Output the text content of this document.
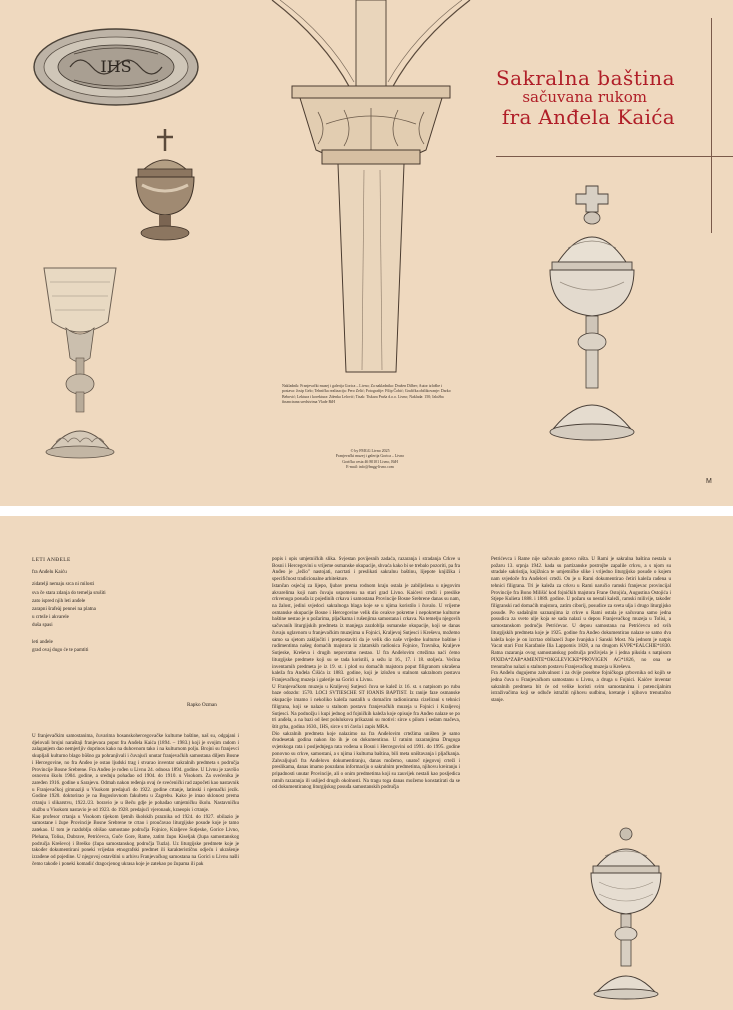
IHS	Sakralna baština
sačuvana rukom
fra Anđela Kaića
Nakladnik: Franjevački muzej i galerija Gorica – Livno; Za nakladnika: Dražen Dilber; Autor izložbe i postava: Josip Gelo; Tehnička realizacija: Pero Zelić; Fotografije: Filip Čobić; Grafička obilikovanje: Darko Bebović; Lektura i korektura: Zdenka Lelović; Tisak: Tiskara Pruša d.o.o. Livno; Naklada: 150; Izložba financirana sredstvima Vlade BiH
© by FMGG Livno 2025
Franjevački muzej i galerija Gorica – Livno
Gorička cesta 46 80101 Livno, BiH
E-mail: info@fmgg-livno.com
M
LETI ANĐELE
fra Anđelu Kaiću
zidatelji nemaju srca ni milosti
sva če stara zdanja do temelja srušiti
zato ispred njih leti anđele
zarapni šrafeàj pennei na platna
u crteže i akvarele
duša spasi
leti anđele
grad ovaj dugo će te pamtiti
Rapko Ozman

U franjevačkim samostanima, čuvarima bosanskohercegovačke kulturne baštine, naš su, odgajani i djelovali brojni naraštaji franjevaca poput fra Anđela Kaića (1894. – 1983.) koji je svojim radom i zalaganjem dao nemjerljiv doprinos kako na duhovnom tako i na kulturnom polju. Brojni su franjevci skupljali kulturno blago būšno ga pohranjivali i čuvajući unutar franjevačkih samostana diljem Bosne i Hercegovine, no fra Anđeo je ostao ljudski trag i stvarao inventar sakralnih predmeta s područja Provincije Bosne Srebrene. Fra Anđeo je rođen u Livnu 24. odnosa 1894. godine. U Livnu je završio osnovnu školu 1904. godine, a srednju pohađao od 1904. do 1910. u Visokom. Za svećenika je zaređen 1916. godine u Sarajevu. Odmah nakon ređenja ovaj će svećenički rad započeti kao nastavnik u Franjevačkoj gimnaziji u Visokom predajući do 1922. godine crtanje, latinski i njemački jezik. Godine 1920. doktorirao je na Bogoslovnom fakultetu u Zagrebu. Kako je imao sklonost prema crtanju i slikarstvu, 1922./23. boravio je u Beču gdje je pohađao umjetničku školu. Nastavničku službu u Visokom nastavio je od 1923. do 1928. predajući vjeronauk, kraeopis i crtanje.

Kao profesor crtanja u Visokom tijekom ljetnih školskih praznika od 1924. do 1927. obilazio je samostane i župe Provincije Bosne Srebrene te crtao i proučavao liturgijske posude koje je tamo zatekao. U tom je razdoblju obišao samostane područja Fojnice, Kraljeve Sutjeske, Gorice Livno, Plehana, Tolisa, Dubrave, Petrićevca, Guče Gore, Rame, zatim župu Kiseljak (župa samostanskog područja Kreševo) i Breško (župa samostanskog područja Tuzla). Uz liturgijske predmete koje je također dokumentirani poneki vrijedan etnografski predmet ili karakterističnu odjeću i ukrašenje izrađene od pojedine. U njegovoj ostavštini u arhivu Franjevačkog samostana na Gorici u Livnu našli čemo takođe i poneki komadić dragocjenog ukrasa koje je zatekao po župama ili pak

popis i opis umjetničkih slika. Svjestan povijesnih zadaća, razaranja i stradanja Crkve u Bosni i Hercegovini u vrijeme osmanske okupacije, shvaća kako bi se trebalo pozoriti, pa fra Anđeo je „ležio" nastojati, nacrtati i preslikati sakralnu baštinu, lijepote knjižika i specifičnost tradicionalne arhitekture.

Istančan osjećaj za lijepo, ljubav prema rodnom kraju ostala je zabilježena u njegovim akvarelima koji nam čuvaju uspomenu na stari grad Livno. Kaićevi crteži i preslike crkvenoga posuđa iz pojedinih crkava i samostana Provincije Bosne Srebrene danas su nam, na žalost, jedini svjedoci sakralnoga blaga koje se u njima koristilo i čuvalo. U vrijeme osmanske okupacije Bosne i Hercegovine velik dio ovakve pokretne i nepokretne kulturne baštine nestao je u požarima, pljačkama i rušenjima samostana i crkava. Na temelju njegovih sačuvanih liturgijskih predmeta iz manjega zazdoblja osmanske okupacije, koji se danas čuvaju uglavnom u franjevačkim muzejima u Fojnici, Kraljevoj Sutjesci i Kreševu, možemo samo sa sjetom zaključiti i pretpostaviti da je velik dio naše vrijedne kulturne baštine i rudimentima našeg domaćih majstora iz zlatarskih radionica Fojnice, Travnika, Kraljeve Sutjeske, Kreševa i drugih nepovratno nestao. U fra Anđelovim crtežima naći ćemo liturgijske predmete koji su se tada koristili, a sežu iz 16., 17. i 18. stoljeća. Većina inventarnih predmeta je iz 19. st. i plod su domaćih majstora poput filigranom ukrašena kaleža fra Anđela Ćišića iz 1883. godine, koji je izložen u stalnom sakralnom postavu Franjevačkog muzeja i galerije na Gorici u Livnu.

U Franjevačkom muzeju u Kraljevoj Sutjesci čuva se kalež iz 16. st. s natpisom po rubu baze odozdo: 1570. LOCI SVTIESCHE ST IOANIS BAPTIST. Iz ranije faze osmanske okupacije imamo i nekoliko kaleža nastalih u domaćim radionicama cizelirani s tehnici filigrana, koji se nalaze u stalnom postavu franjevačkih muzeja u Fojnici i Kraljevoj Sutjesci. Na podnožju i kupi jednog od fojničkih kaleža koje opisuje fra Anđeo nalaze se po tri anđela, a na bazi od šest polulukova prikazani su motivi: sirce s pilom i sedam mačeva, štit grba, godina 1630., IHS, sirce s tri čavla i zapis MRA.

Dio sakralnih predmeta koje nalazimo na fra Anđelovim crtežima uništen je samo dvadesetak godina nakon što ih je on dokumentirao. U ratnim razaranjima Drugoga svjetskoga rata i posljednjega rata vođena u Bosni i Hercegovini od 1991. do 1995. godine ponovno su crkve, samostani, a s njima i kulturna baština, bili meta uništavanja i pljačkanja. Zahvaljujući fra Anđelovu dokumentiranju, danas možemo, unatoč njegovoj crteži i preslikama, danas imamo pouzdanu informaciju o sakralnim predmetima, njihovu kreiranju i pripadnosti unutar Provincije, ali o onim predmetima koji su zauvijek nestali kao posljedica ratnih razaranja ili uslijed drugih okolnosti. Na tragu toga danas možemo konstatirati da se od dokumentiranog liturgijskog posuđa samostanskih područja

Petrićevca i Rame nije sačuvalo gotovo ništa. U Rami je sakralna baština nestala u požaru 13. srpnja 1942. kada su partizanske postrojbe zapalile crkvu, a s njom su stradale sakristija, knjižnica te umjetničke slike i vrijedno liturgijsko posuđe o kojem nam svjedoče fra Anđelovi crteži. On je u Rami dokumentirao četiri kaleža rađena u tehnici filigrana. Tri je kaleža za crkvu u Rami naručio ramski franjevac provincijal Provincije fra Bono Milišić kod fojničkih majstora Frane Ostojića, Augustina Ostojića i Stjepe Kulieta 1888. i 1889. godine. U požaru su nestali kaleži, ramski milivije, također filigranski rad domaćih majstora, zatim ciborij, posudice za sveta ulja i drugo liturgijsko posuđe. Po sadašnjim saznanjima iz crkve u Rami ostala je sačuvana samo jedna posudica za sveto ulje koja se sada nalazi u depou Franjevačkog muzeja u Tolisi, a samostanskom području Petrićevac. U depou samostana na Petrićevcu od svih liturgijskih predmeta koje je 1925. godine fra Anđeo dokumentirao nalaze se samo dva kaleža koje je on izcrtao obilazeći župe Ivanjska i Sanski Most. Na jednom je natpis Vacat stari Frat Karafanie Ilia Lappomis 1828, a na drugom KVPE*EALCHIE*1830. Ratna razaranja ovog samostanskog područja preživjela je i jedna piksida s natpisom PIXIDA*ZAB*AMENTE*OKGLEVICKE*PROVIGEN AG*1826, no ona se trenutačno nalazi u stalnom postavu Franjevačkog muzeja u Kreševu.

Fra Anđelu dugujemo zahvalnost i za dvije posebne fojničkoga grbovnika od kojih se jedna čuva u Franjevačkom samostanu u Livnu, a druga u Fojnici. Kaićev inventar sakralnih predmeta bit će od velike koristi svim samostanima i potencijalnim istraživačima koji se odluče istražiti njihovu sudbinu, kretanje i njihovo trenutačno stanje.
